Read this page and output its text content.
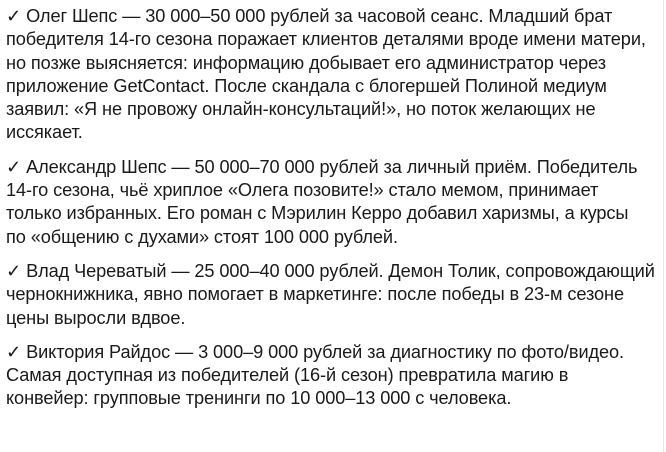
✓ Олег Шепс — 30 000–50 000 рублей за часовой сеанс. Младший брат
победителя 14-го сезона поражает клиентов деталями вроде имени матери,
но позже выясняется: информацию добывает его администратор через
приложение GetContact. После скандала с блогершей Полиной медиум
заявил: «Я не провожу онлайн-консультаций!», но поток желающих не
иссякает.

✓ Александр Шепс — 50 000–70 000 рублей за личный приём. Победитель
14-го сезона, чьё хриплое «Олега позовите!» стало мемом, принимает
только избранных. Его роман с Мэрилин Керро добавил харизмы, а курсы
по «общению с духами» стоят 100 000 рублей.

✓ Влад Череватый — 25 000–40 000 рублей. Демон Толик, сопровождающий
чернокнижника, явно помогает в маркетинге: после победы в 23-м сезоне
цены выросли вдвое.

✓ Виктория Райдос — 3 000–9 000 рублей за диагностику по фото/видео.
Самая доступная из победителей (16-й сезон) превратила магию в
конвейер: групповые тренинги по 10 000–13 000 с человека.
